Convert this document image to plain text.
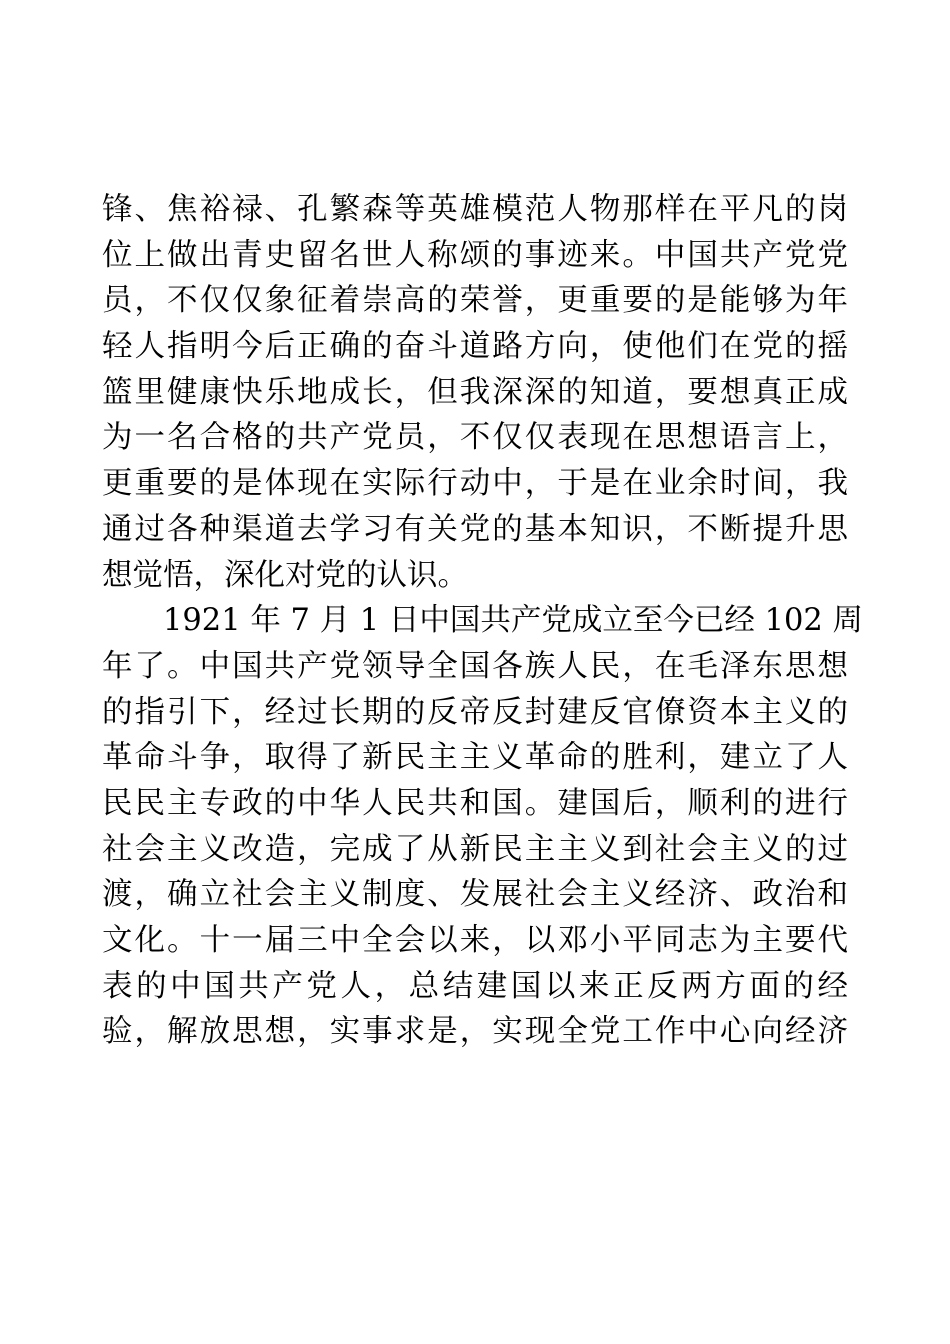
锋、焦裕禄、孔繁森等英雄模范人物那样在平凡的岗
位上做出青史留名世人称颂的事迹来。中国共产党党
员，不仅仅象征着崇高的荣誉，更重要的是能够为年
轻人指明今后正确的奋斗道路方向，使他们在党的摇
篮里健康快乐地成长，但我深深的知道，要想真正成
为一名合格的共产党员，不仅仅表现在思想语言上，
更重要的是体现在实际行动中，于是在业余时间，我
通过各种渠道去学习有关党的基本知识，不断提升思
想觉悟，深化对党的认识。
1921 年 7 月 1 日中国共产党成立至今已经 102 周
年了。中国共产党领导全国各族人民，在毛泽东思想
的指引下，经过长期的反帝反封建反官僚资本主义的
革命斗争，取得了新民主主义革命的胜利，建立了人
民民主专政的中华人民共和国。建国后，顺利的进行
社会主义改造，完成了从新民主主义到社会主义的过
渡，确立社会主义制度、发展社会主义经济、政治和
文化。十一届三中全会以来，以邓小平同志为主要代
表的中国共产党人，总结建国以来正反两方面的经
验，解放思想，实事求是，实现全党工作中心向经济
